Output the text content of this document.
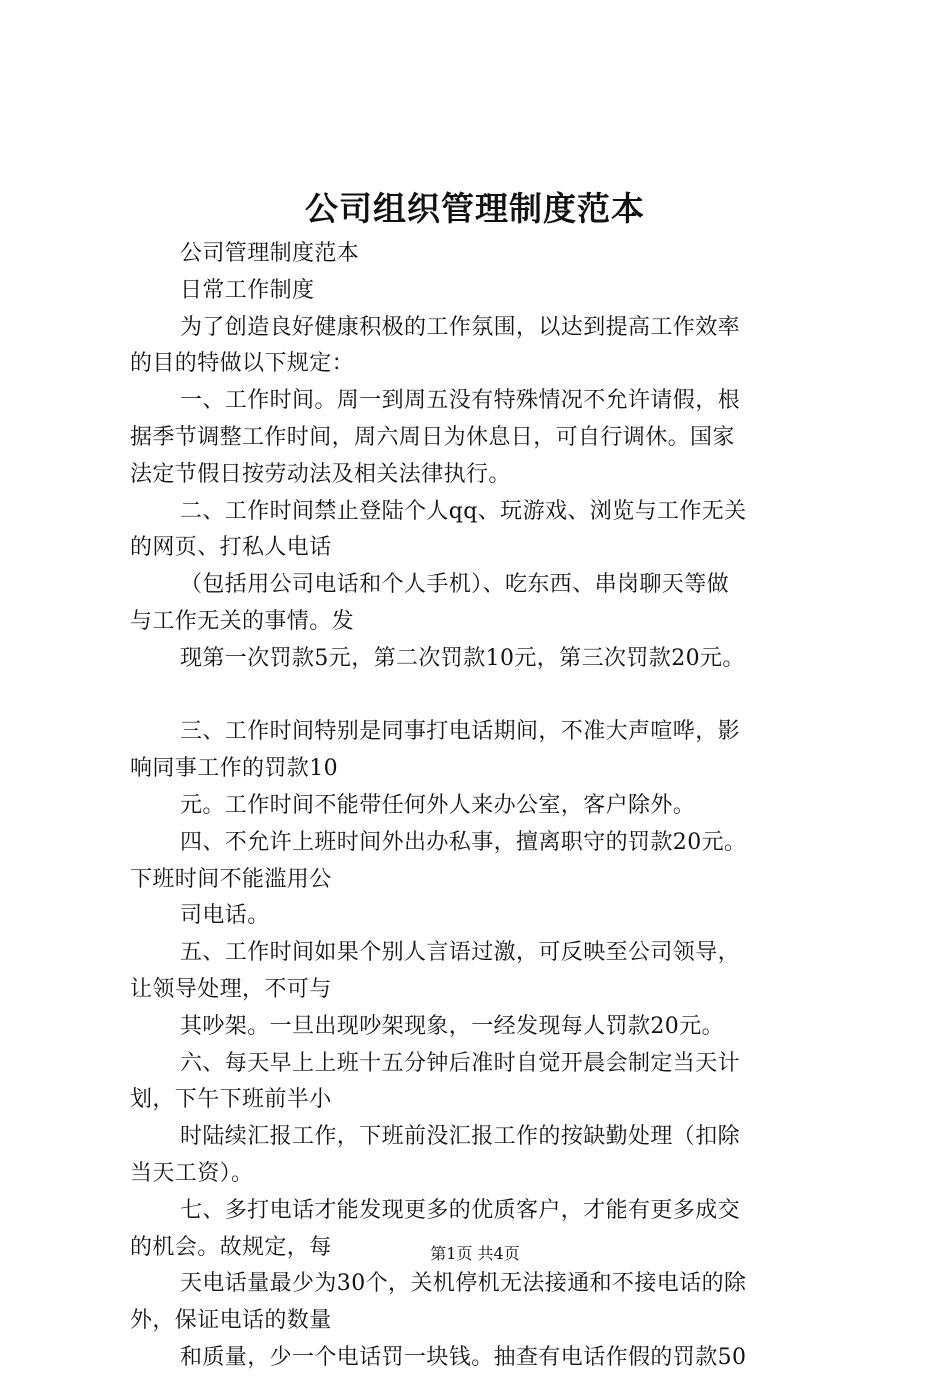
公司组织管理制度范本
公司管理制度范本
日常工作制度
为了创造良好健康积极的工作氛围，以达到提高工作效率
的目的特做以下规定：
一、工作时间。周一到周五没有特殊情况不允许请假，根
据季节调整工作时间，周六周日为休息日，可自行调休。国家
法定节假日按劳动法及相关法律执行。
二、工作时间禁止登陆个人qq、玩游戏、浏览与工作无关
的网页、打私人电话
（包括用公司电话和个人手机）、吃东西、串岗聊天等做
与工作无关的事情。发
现第一次罚款5元，第二次罚款10元，第三次罚款20元。
三、工作时间特别是同事打电话期间，不准大声喧哗，影
响同事工作的罚款10
元。工作时间不能带任何外人来办公室，客户除外。
四、不允许上班时间外出办私事，擅离职守的罚款20元。
下班时间不能滥用公
司电话。
五、工作时间如果个别人言语过激，可反映至公司领导，
让领导处理，不可与
其吵架。一旦出现吵架现象，一经发现每人罚款20元。
六、每天早上上班十五分钟后准时自觉开晨会制定当天计
划，下午下班前半小
时陆续汇报工作，下班前没汇报工作的按缺勤处理（扣除
当天工资）。
七、多打电话才能发现更多的优质客户，才能有更多成交
的机会。故规定，每
天电话量最少为30个，关机停机无法接通和不接电话的除
外，保证电话的数量
和质量，少一个电话罚一块钱。抽查有电话作假的罚款50
第1页 共4页
